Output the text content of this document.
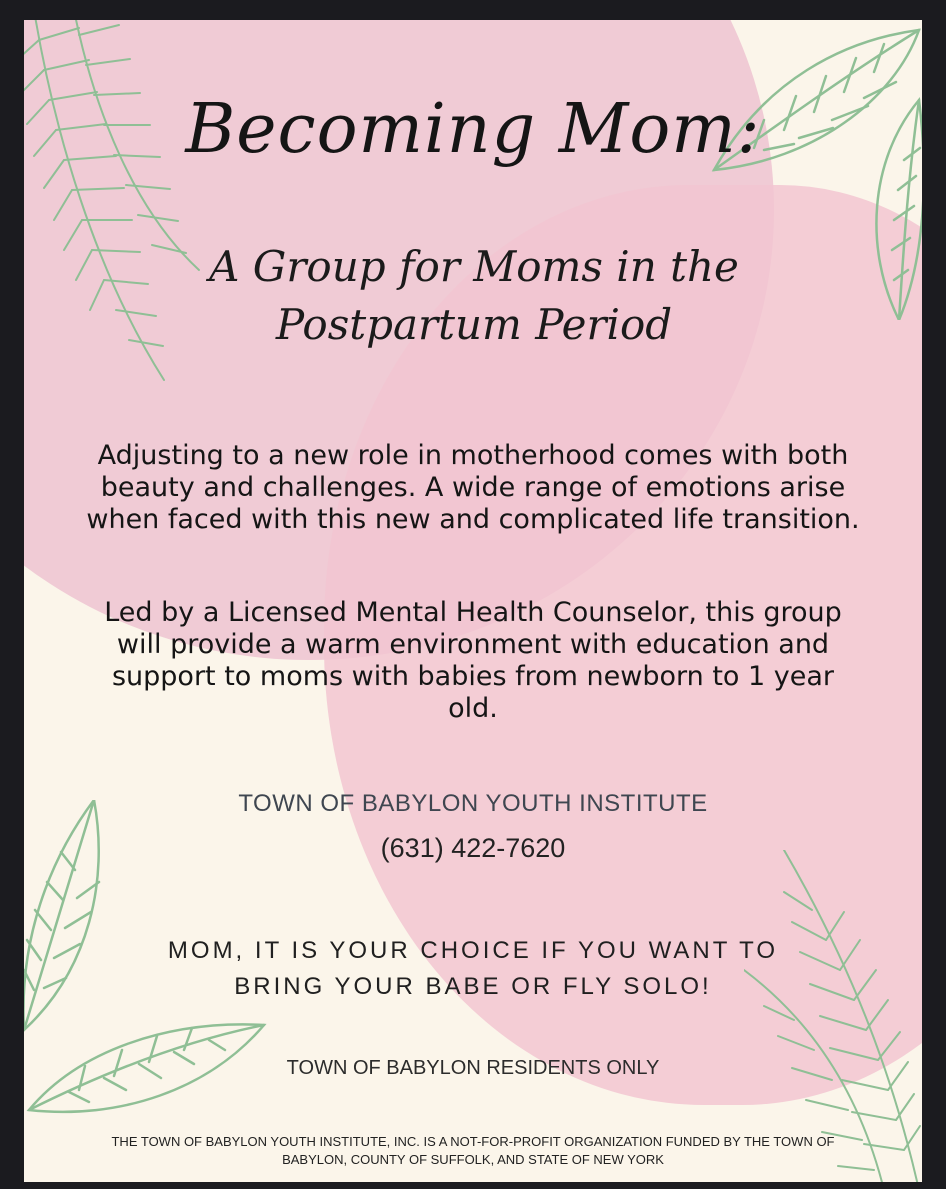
Becoming Mom:
A Group for Moms in the
Postpartum Period
Adjusting to a new role in motherhood comes with both beauty and challenges. A wide range of emotions arise when faced with this new and complicated life transition.
Led by a Licensed Mental Health Counselor, this group will provide a warm environment with education and support to moms with babies from newborn to 1 year old.
TOWN OF BABYLON YOUTH INSTITUTE
(631) 422-7620
MOM, IT IS YOUR CHOICE IF YOU WANT TO
BRING YOUR BABE OR FLY SOLO!
TOWN OF BABYLON RESIDENTS ONLY
THE TOWN OF BABYLON YOUTH INSTITUTE, INC. IS A NOT-FOR-PROFIT ORGANIZATION FUNDED BY THE TOWN OF
BABYLON, COUNTY OF SUFFOLK, AND STATE OF NEW YORK
